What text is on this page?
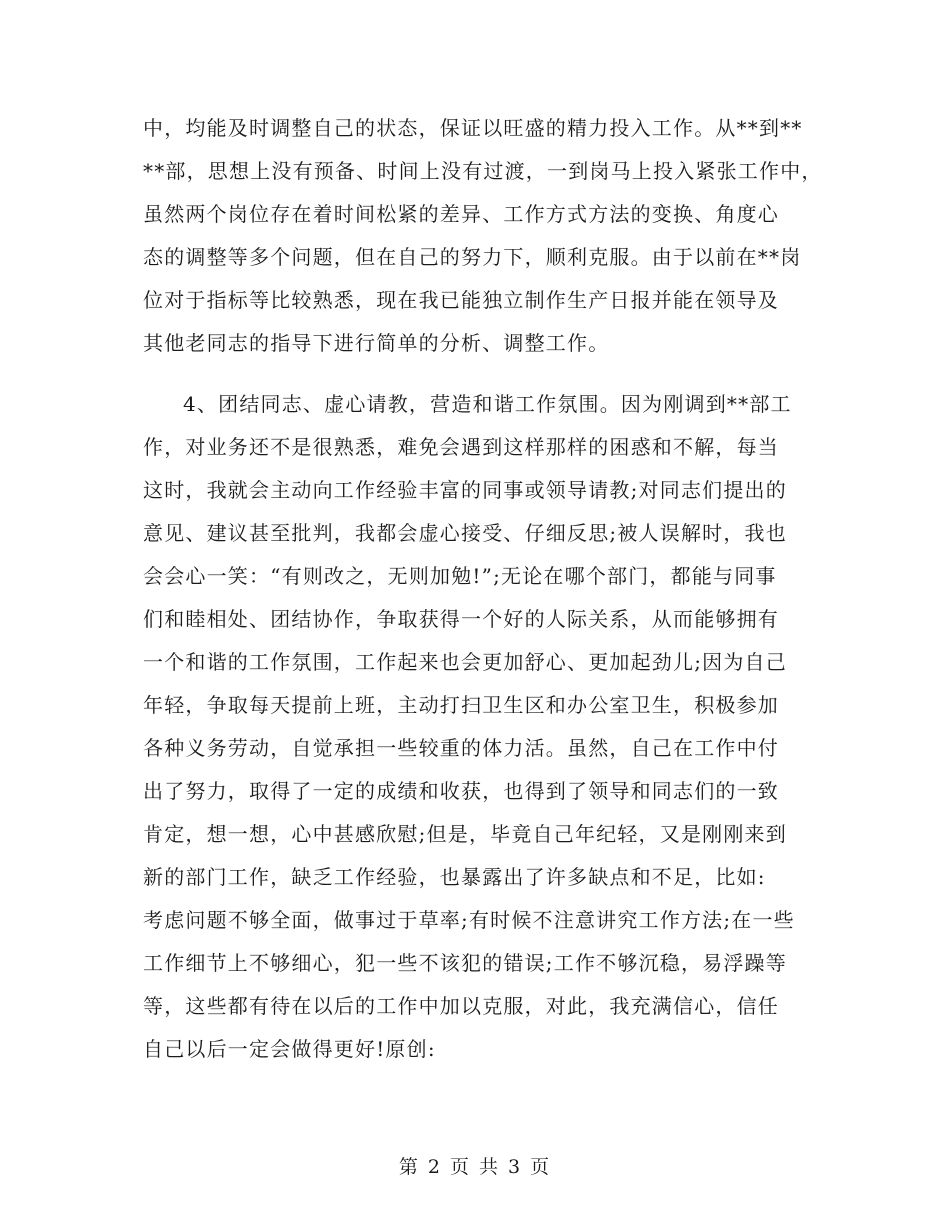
中，均能及时调整自己的状态，保证以旺盛的精力投入工作。从**到**
**部，思想上没有预备、时间上没有过渡，一到岗马上投入紧张工作中，
虽然两个岗位存在着时间松紧的差异、工作方式方法的变换、角度心
态的调整等多个问题，但在自己的努力下，顺利克服。由于以前在**岗
位对于指标等比较熟悉，现在我已能独立制作生产日报并能在领导及
其他老同志的指导下进行简单的分析、调整工作。
4、团结同志、虚心请教，营造和谐工作氛围。因为刚调到**部工
作，对业务还不是很熟悉，难免会遇到这样那样的困惑和不解，每当
这时，我就会主动向工作经验丰富的同事或领导请教;对同志们提出的
意见、建议甚至批判，我都会虚心接受、仔细反思;被人误解时，我也
会会心一笑：“有则改之，无则加勉!”;无论在哪个部门，都能与同事
们和睦相处、团结协作，争取获得一个好的人际关系，从而能够拥有
一个和谐的工作氛围，工作起来也会更加舒心、更加起劲儿;因为自己
年轻，争取每天提前上班，主动打扫卫生区和办公室卫生，积极参加
各种义务劳动，自觉承担一些较重的体力活。虽然，自己在工作中付
出了努力，取得了一定的成绩和收获，也得到了领导和同志们的一致
肯定，想一想，心中甚感欣慰;但是，毕竟自己年纪轻，又是刚刚来到
新的部门工作，缺乏工作经验，也暴露出了许多缺点和不足，比如:
考虑问题不够全面，做事过于草率;有时候不注意讲究工作方法;在一些
工作细节上不够细心，犯一些不该犯的错误;工作不够沉稳，易浮躁等
等，这些都有待在以后的工作中加以克服，对此，我充满信心，信任
自己以后一定会做得更好!原创:
第 2 页 共 3 页
